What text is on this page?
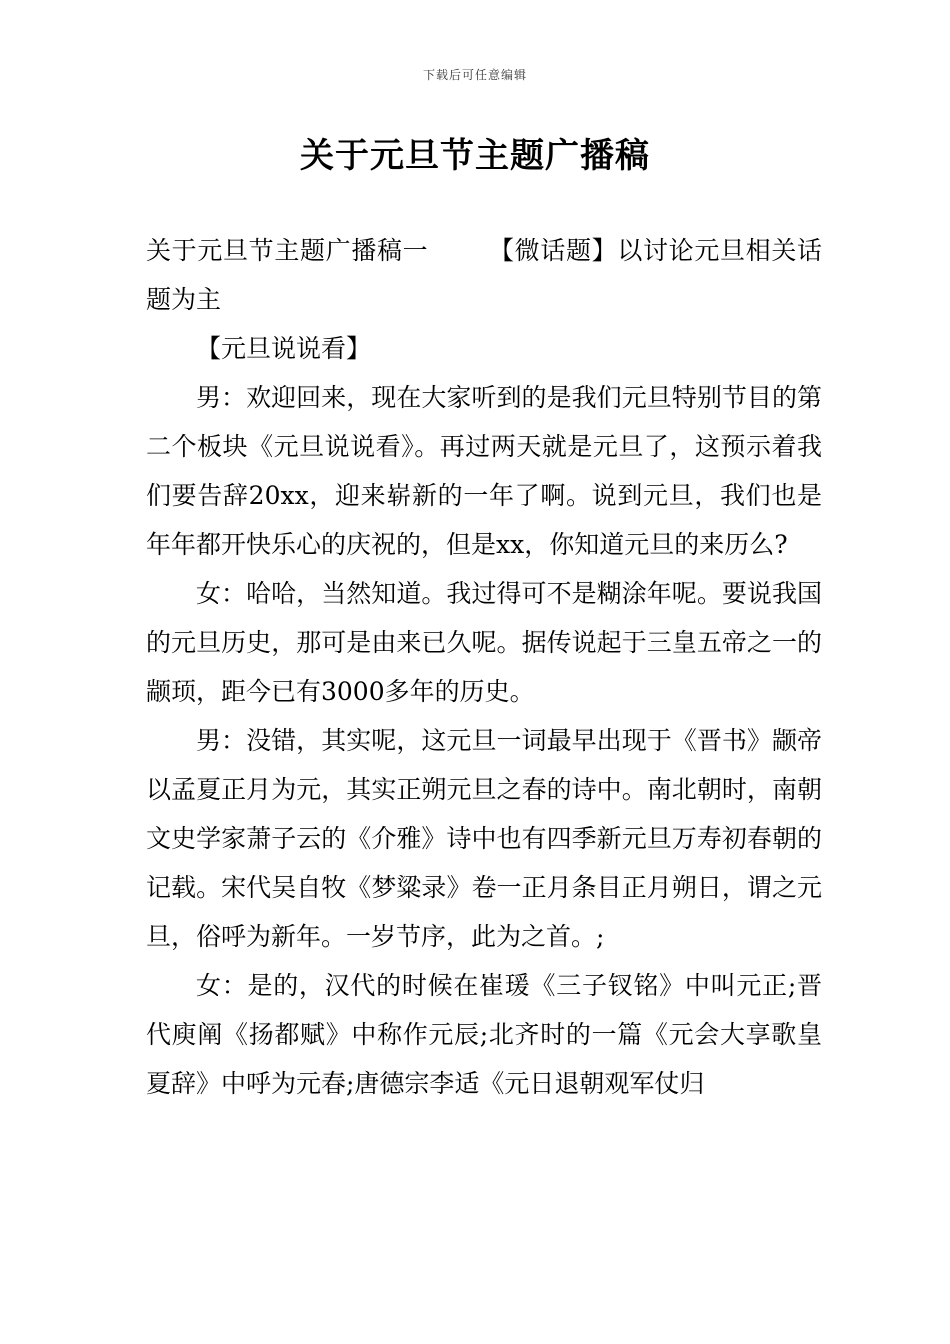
下载后可任意编辑
关于元旦节主题广播稿

关于元旦节主题广播稿一 【微话题】以讨论元旦相关话题为主

【元旦说说看】

男：欢迎回来，现在大家听到的是我们元旦特别节目的第二个板块《元旦说说看》。再过两天就是元旦了，这预示着我们要告辞20xx，迎来崭新的一年了啊。说到元旦，我们也是年年都开快乐心的庆祝的，但是xx，你知道元旦的来历么?

女：哈哈，当然知道。我过得可不是糊涂年呢。要说我国的元旦历史，那可是由来已久呢。据传说起于三皇五帝之一的颛顼，距今已有3000多年的历史。

男：没错，其实呢，这元旦一词最早出现于《晋书》颛帝以孟夏正月为元，其实正朔元旦之春的诗中。南北朝时，南朝文史学家萧子云的《介雅》诗中也有四季新元旦万寿初春朝的记载。宋代吴自牧《梦粱录》卷一正月条目正月朔日，谓之元旦，俗呼为新年。一岁节序，此为之首。;

女：是的，汉代的时候在崔瑗《三子钗铭》中叫元正;晋代庾阐《扬都赋》中称作元辰;北齐时的一篇《元会大享歌皇夏辞》中呼为元春;唐德宗李适《元日退朝观军仗归
